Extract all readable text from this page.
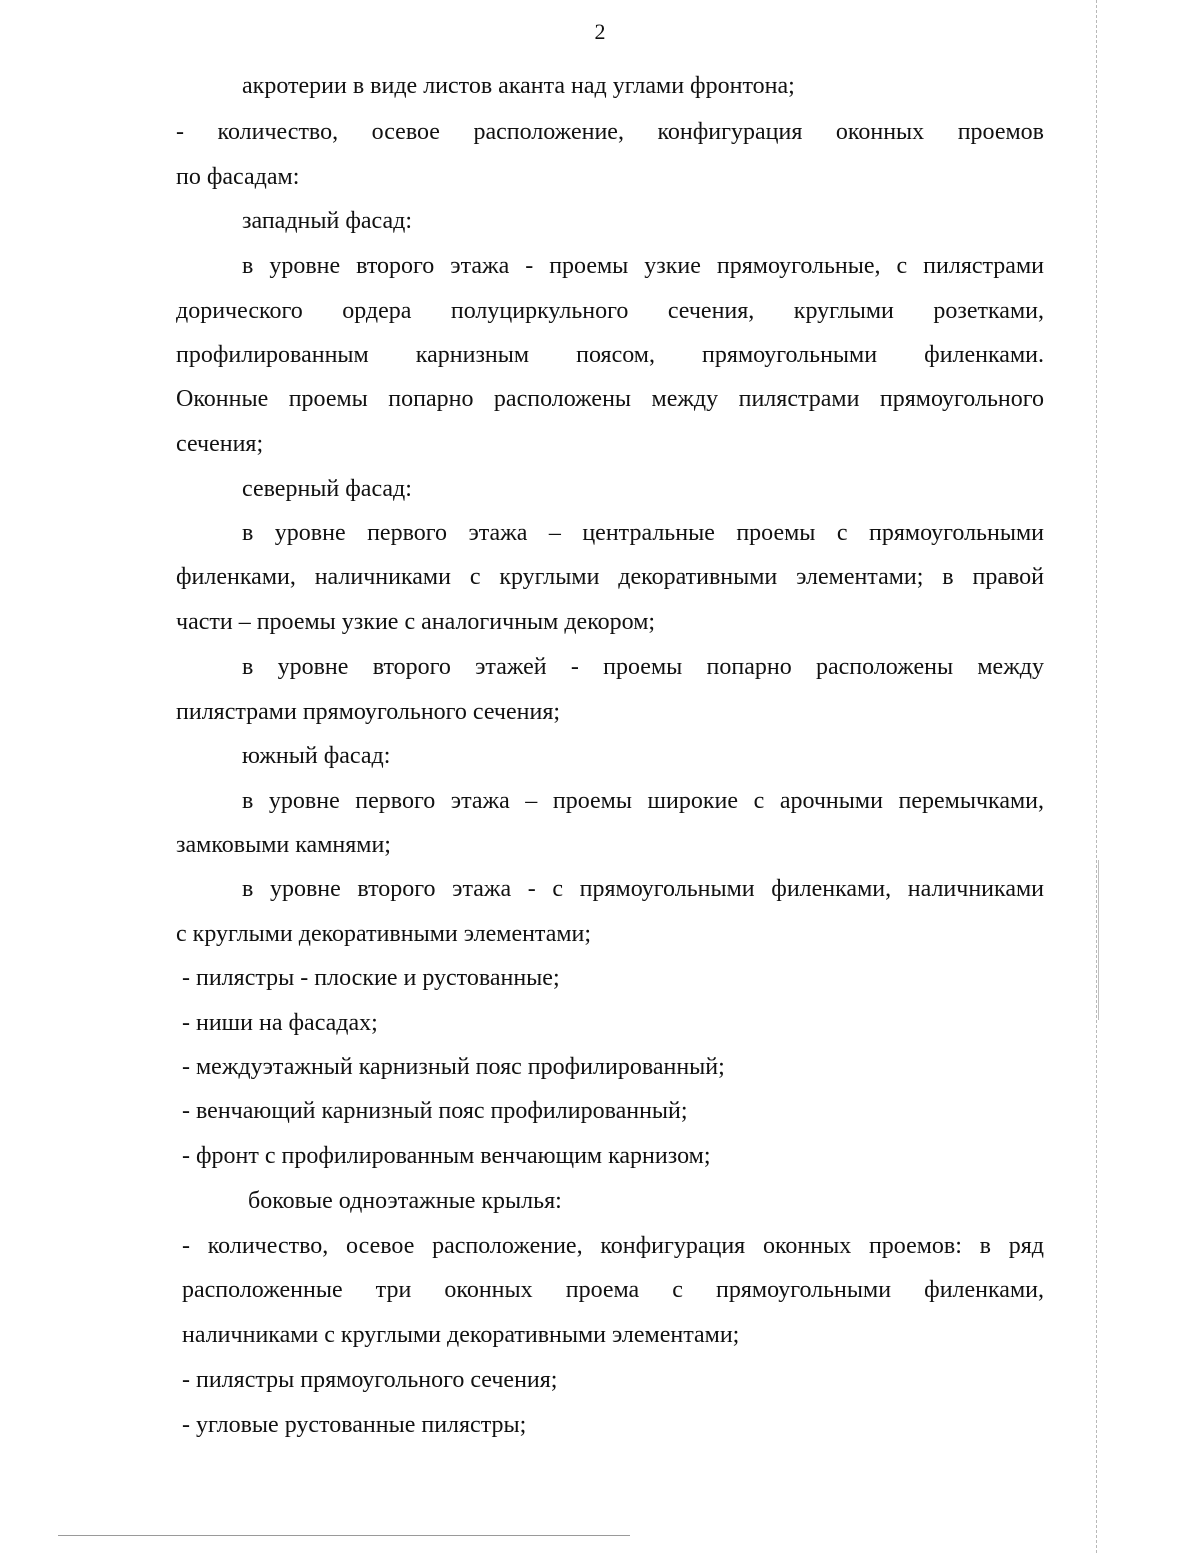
2
акротерии в виде листов аканта над углами фронтона;
- количество, осевое расположение, конфигурация оконных проемов
по фасадам:
западный фасад:
в уровне второго этажа - проемы узкие прямоугольные, с пилястрами
дорического ордера полуциркульного сечения, круглыми розетками,
профилированным карнизным поясом, прямоугольными филенками.
Оконные проемы попарно расположены между пилястрами прямоугольного
сечения;
северный фасад:
в уровне первого этажа – центральные проемы с прямоугольными
филенками, наличниками с круглыми декоративными элементами; в правой
части – проемы узкие с аналогичным декором;
в уровне второго этажей - проемы попарно расположены между
пилястрами прямоугольного сечения;
южный фасад:
в уровне первого этажа – проемы широкие с арочными перемычками,
замковыми камнями;
в уровне второго этажа - с прямоугольными филенками, наличниками
с круглыми декоративными элементами;
- пилястры - плоские и рустованные;
- ниши на фасадах;
- междуэтажный карнизный пояс профилированный;
- венчающий карнизный пояс профилированный;
- фронт с профилированным венчающим карнизом;
боковые одноэтажные крылья:
- количество, осевое расположение, конфигурация оконных проемов: в ряд
расположенные три оконных проема с прямоугольными филенками,
наличниками с круглыми декоративными элементами;
- пилястры прямоугольного сечения;
- угловые рустованные пилястры;
